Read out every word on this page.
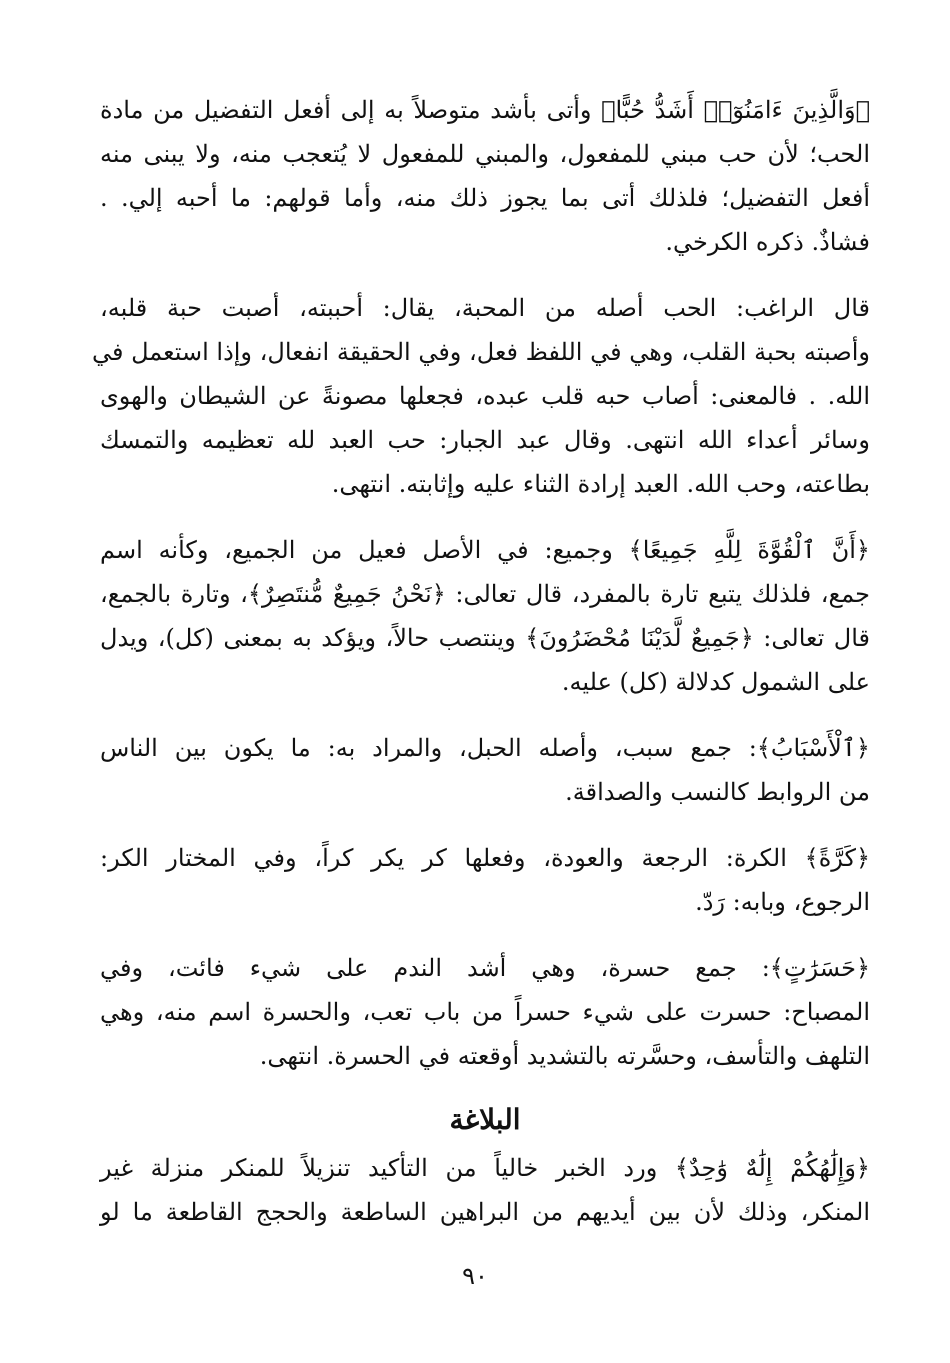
﴿وَالَّذِينَ ءَامَنُوٓا۟ أَشَدُّ حُبًّا﴾ وأتى بأشد متوصلاً به إلى أفعل التفضيل من مادة
الحب؛ لأن حب مبني للمفعول، والمبني للمفعول لا يُتعجب منه، ولا يبنى منه
أفعل التفضيل؛ فلذلك أتى بما يجوز ذلك منه، وأما قولهم: ما أحبه إلي. .
فشاذٌ. ذكره الكرخي.
قال الراغب: الحب أصله من المحبة، يقال: أحببته، أصبت حبة قلبه،
وأصبته بحبة القلب، وهي في اللفظ فعل، وفي الحقيقة انفعال، وإذا استعمل في
الله. . فالمعنى: أصاب حبه قلب عبده، فجعلها مصونةً عن الشيطان والهوى
وسائر أعداء الله انتهى. وقال عبد الجبار: حب العبد لله تعظيمه والتمسك
بطاعته، وحب الله. العبد إرادة الثناء عليه وإثابته. انتهى.
﴿أَنَّ ٱلْقُوَّةَ لِلَّهِ جَمِيعًا﴾ وجميع: في الأصل فعيل من الجميع، وكأنه اسم
جمع، فلذلك يتبع تارة بالمفرد، قال تعالى: ﴿نَحْنُ جَمِيعٌ مُّنتَصِرٌ﴾، وتارة بالجمع،
قال تعالى: ﴿جَمِيعٌ لَّدَيْنَا مُحْضَرُونَ﴾ وينتصب حالاً، ويؤكد به بمعنى (كل)، ويدل
على الشمول كدلالة (كل) عليه.
﴿ٱلْأَسْبَابُ﴾: جمع سبب، وأصله الحبل، والمراد به: ما يكون بين الناس
من الروابط كالنسب والصداقة.
﴿كَرَّةً﴾ الكرة: الرجعة والعودة، وفعلها كر يكر كراً، وفي المختار الكر:
الرجوع، وبابه: رَدّ.
﴿حَسَرَٰتٍ﴾: جمع حسرة، وهي أشد الندم على شيء فائت، وفي
المصباح: حسرت على شيء حسراً من باب تعب، والحسرة اسم منه، وهي
التلهف والتأسف، وحسَّرته بالتشديد أوقعته في الحسرة. انتهى.
البلاغة
﴿وَإِلَٰهُكُمْ إِلَٰهٌ وَٰحِدٌ﴾ ورد الخبر خالياً من التأكيد تنزيلاً للمنكر منزلة غير
المنكر، وذلك لأن بين أيديهم من البراهين الساطعة والحجج القاطعة ما لو
٩٠
